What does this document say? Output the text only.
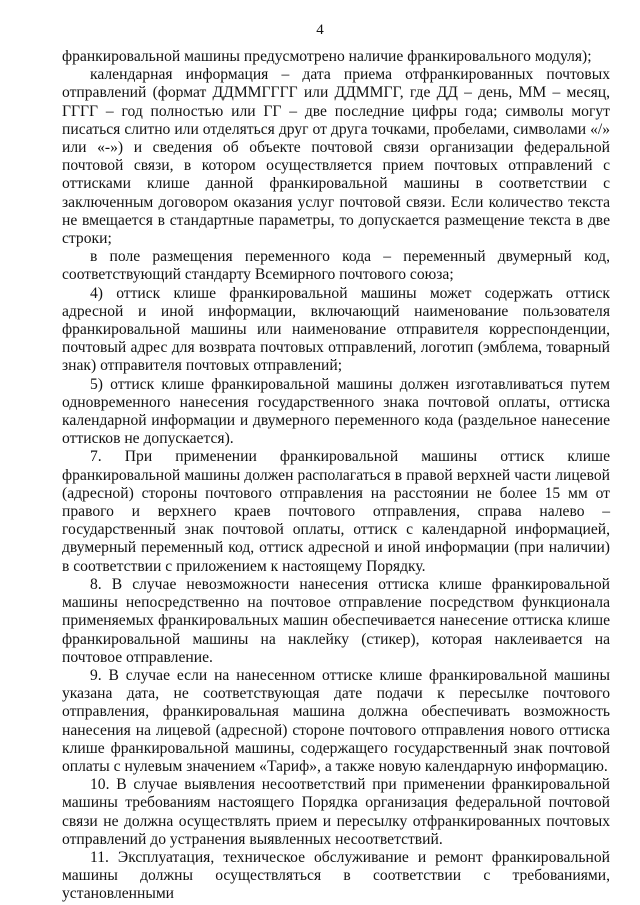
4

франкировальной машины предусмотрено наличие франкировального модуля);

календарная информация – дата приема отфранкированных почтовых отправлений (формат ДДММГГГГ или ДДММГГ, где ДД – день, ММ – месяц, ГГГГ – год полностью или ГГ – две последние цифры года; символы могут писаться слитно или отделяться друг от друга точками, пробелами, символами «/» или «-») и сведения об объекте почтовой связи организации федеральной почтовой связи, в котором осуществляется прием почтовых отправлений с оттисками клише данной франкировальной машины в соответствии с заключенным договором оказания услуг почтовой связи. Если количество текста не вмещается в стандартные параметры, то допускается размещение текста в две строки;

в поле размещения переменного кода – переменный двумерный код, соответствующий стандарту Всемирного почтового союза;

4) оттиск клише франкировальной машины может содержать оттиск адресной и иной информации, включающий наименование пользователя франкировальной машины или наименование отправителя корреспонденции, почтовый адрес для возврата почтовых отправлений, логотип (эмблема, товарный знак) отправителя почтовых отправлений;

5) оттиск клише франкировальной машины должен изготавливаться путем одновременного нанесения государственного знака почтовой оплаты, оттиска календарной информации и двумерного переменного кода (раздельное нанесение оттисков не допускается).

7. При применении франкировальной машины оттиск клише франкировальной машины должен располагаться в правой верхней части лицевой (адресной) стороны почтового отправления на расстоянии не более 15 мм от правого и верхнего краев почтового отправления, справа налево – государственный знак почтовой оплаты, оттиск с календарной информацией, двумерный переменный код, оттиск адресной и иной информации (при наличии) в соответствии с приложением к настоящему Порядку.

8. В случае невозможности нанесения оттиска клише франкировальной машины непосредственно на почтовое отправление посредством функционала применяемых франкировальных машин обеспечивается нанесение оттиска клише франкировальной машины на наклейку (стикер), которая наклеивается на почтовое отправление.

9. В случае если на нанесенном оттиске клише франкировальной машины указана дата, не соответствующая дате подачи к пересылке почтового отправления, франкировальная машина должна обеспечивать возможность нанесения на лицевой (адресной) стороне почтового отправления нового оттиска клише франкировальной машины, содержащего государственный знак почтовой оплаты с нулевым значением «Тариф», а также новую календарную информацию.

10. В случае выявления несоответствий при применении франкировальной машины требованиям настоящего Порядка организация федеральной почтовой связи не должна осуществлять прием и пересылку отфранкированных почтовых отправлений до устранения выявленных несоответствий.

11. Эксплуатация, техническое обслуживание и ремонт франкировальной машины должны осуществляться в соответствии с требованиями, установленными
